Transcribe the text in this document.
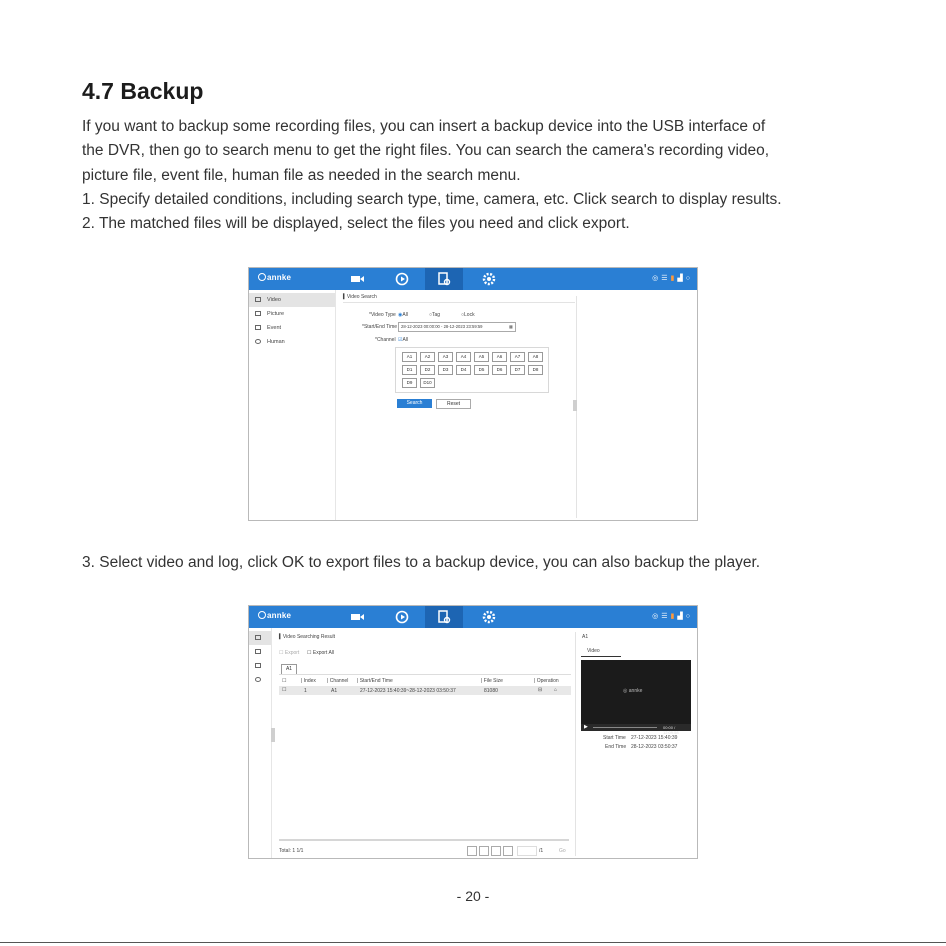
4.7 Backup
If you want to backup some recording files, you can insert a backup device into the USB interface of
the DVR, then go to search menu to get the right files. You can search the camera's recording video,
picture file, event file, human file as needed in the search menu.
1. Specify detailed conditions, including search type, time, camera, etc. Click search to display results.
2. The matched files will be displayed, select the files you need and click export.
annke	◎☰▮▟○
Video
Picture
Event
Human
▍Video Search
*Video Type ◉All	○Tag	○Lock
*Start/End Time 28-12-2023 00:00:00 - 28-12-2023 23:59:59	▦
*Channel ☑All
A1	A2	A3	A4	A5	A6	A7	A8
D1	D2	D3	D4	D5	D6	D7	D8
D9	D10
Search	Reset
3. Select video and log, click OK to export files to a backup device, you can also backup the player.
annke	◎☰▮▟○
▍Video Searching Result
☐ Export ☐ Export All
A1
☐	| Index | Channel | Start/End Time	| File Size	| Operation
☐	1	A1	27-12-2023 15:40:39~28-12-2023 03:50:37	81080	⊟ ⌂
Total: 1 1/1	/1	Go
A1
Video
◎ annke
▶	00:00 / 12:09:58
Start Time 27-12-2023 15:40:39
End Time 28-12-2023 03:50:37
- 20 -
